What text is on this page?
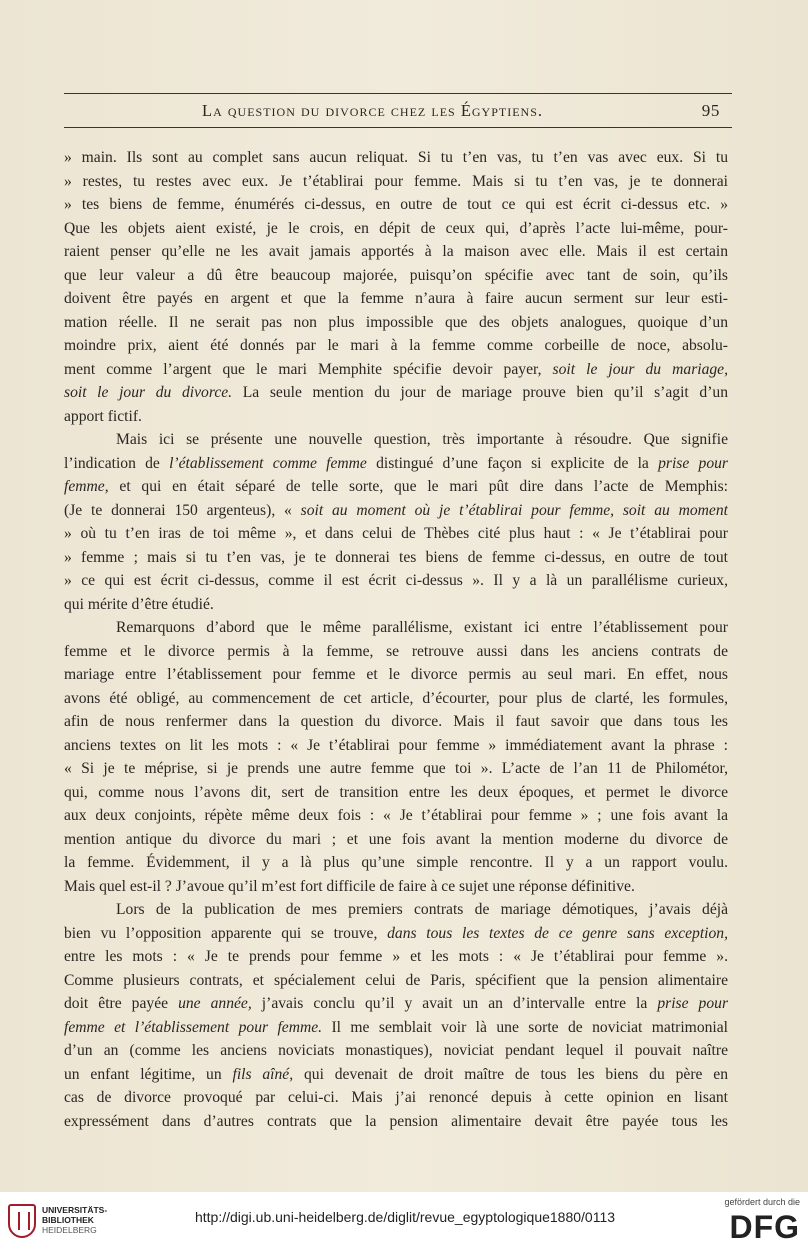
La question du divorce chez les Égyptiens.	95
» main. Ils sont au complet sans aucun reliquat. Si tu t’en vas, tu t’en vas avec eux. Si tu
» restes, tu restes avec eux. Je t’établirai pour femme. Mais si tu t’en vas, je te donnerai
» tes biens de femme, énumérés ci-dessus, en outre de tout ce qui est écrit ci-dessus etc. »
Que les objets aient existé, je le crois, en dépit de ceux qui, d’après l’acte lui-même, pour-
raient penser qu’elle ne les avait jamais apportés à la maison avec elle. Mais il est certain
que leur valeur a dû être beaucoup majorée, puisqu’on spécifie avec tant de soin, qu’ils
doivent être payés en argent et que la femme n’aura à faire aucun serment sur leur esti-
mation réelle. Il ne serait pas non plus impossible que des objets analogues, quoique d’un
moindre prix, aient été donnés par le mari à la femme comme corbeille de noce, absolu-
ment comme l’argent que le mari Memphite spécifie devoir payer, soit le jour du mariage,
soit le jour du divorce. La seule mention du jour de mariage prouve bien qu’il s’agit d’un
apport fictif.
Mais ici se présente une nouvelle question, très importante à résoudre. Que signifie
l’indication de l’établissement comme femme distingué d’une façon si explicite de la prise pour
femme, et qui en était séparé de telle sorte, que le mari pût dire dans l’acte de Memphis:
(Je te donnerai 150 argenteus), « soit au moment où je t’établirai pour femme, soit au moment
» où tu t’en iras de toi même », et dans celui de Thèbes cité plus haut : « Je t’établirai pour
» femme ; mais si tu t’en vas, je te donnerai tes biens de femme ci-dessus, en outre de tout
» ce qui est écrit ci-dessus, comme il est écrit ci-dessus ». Il y a là un parallélisme curieux,
qui mérite d’être étudié.
Remarquons d’abord que le même parallélisme, existant ici entre l’établissement pour
femme et le divorce permis à la femme, se retrouve aussi dans les anciens contrats de
mariage entre l’établissement pour femme et le divorce permis au seul mari. En effet, nous
avons été obligé, au commencement de cet article, d’écourter, pour plus de clarté, les formules,
afin de nous renfermer dans la question du divorce. Mais il faut savoir que dans tous les
anciens textes on lit les mots : « Je t’établirai pour femme » immédiatement avant la phrase :
« Si je te méprise, si je prends une autre femme que toi ». L’acte de l’an 11 de Philométor,
qui, comme nous l’avons dit, sert de transition entre les deux époques, et permet le divorce
aux deux conjoints, répète même deux fois : « Je t’établirai pour femme » ; une fois avant la
mention antique du divorce du mari ; et une fois avant la mention moderne du divorce de
la femme. Évidemment, il y a là plus qu’une simple rencontre. Il y a un rapport voulu.
Mais quel est-il ? J’avoue qu’il m’est fort difficile de faire à ce sujet une réponse définitive.
Lors de la publication de mes premiers contrats de mariage démotiques, j’avais déjà
bien vu l’opposition apparente qui se trouve, dans tous les textes de ce genre sans exception,
entre les mots : « Je te prends pour femme » et les mots : « Je t’établirai pour femme ».
Comme plusieurs contrats, et spécialement celui de Paris, spécifient que la pension alimentaire
doit être payée une année, j’avais conclu qu’il y avait un an d’intervalle entre la prise pour
femme et l’établissement pour femme. Il me semblait voir là une sorte de noviciat matrimonial
d’un an (comme les anciens noviciats monastiques), noviciat pendant lequel il pouvait naître
un enfant légitime, un fils aîné, qui devenait de droit maître de tous les biens du père en
cas de divorce provoqué par celui-ci. Mais j’ai renoncé depuis à cette opinion en lisant
expressément dans d’autres contrats que la pension alimentaire devait être payée tous les
UNIVERSITÄTS-
BIBLIOTHEK
HEIDELBERG
http://digi.ub.uni-heidelberg.de/diglit/revue_egyptologique1880/0113
gefördert durch die
DFG
